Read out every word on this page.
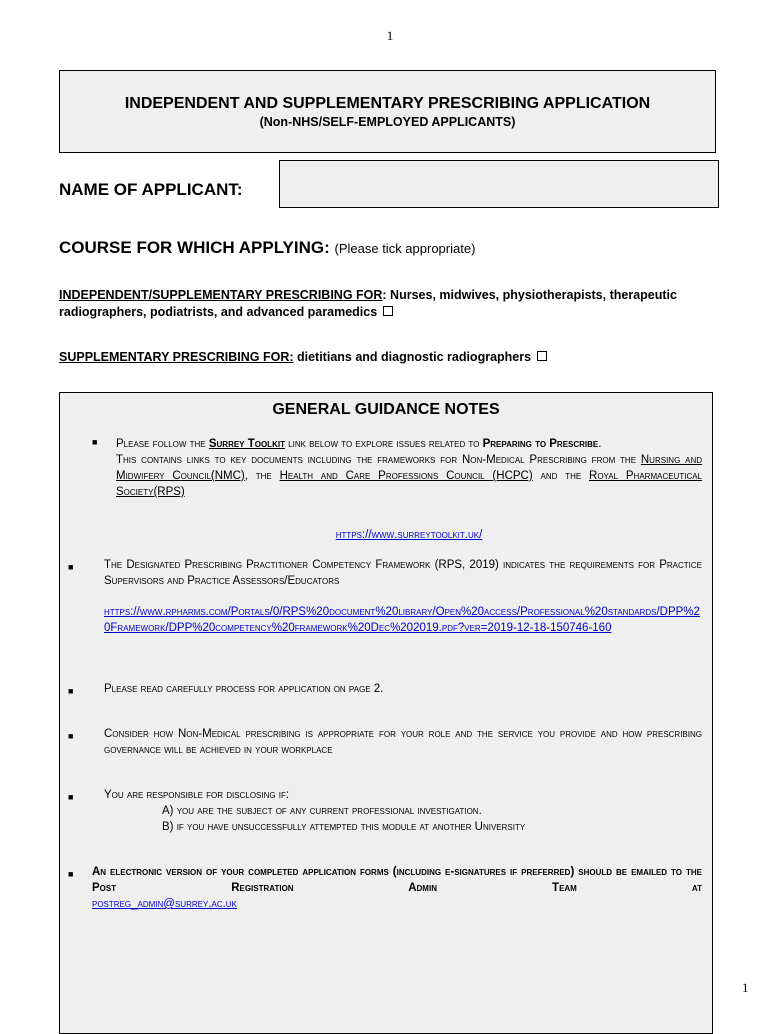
1
INDEPENDENT AND SUPPLEMENTARY PRESCRIBING APPLICATION
(Non-NHS/SELF-EMPLOYED APPLICANTS)
NAME OF APPLICANT:
COURSE FOR WHICH APPLYING: (Please tick appropriate)
INDEPENDENT/SUPPLEMENTARY PRESCRIBING FOR: Nurses, midwives, physiotherapists, therapeutic radiographers, podiatrists, and advanced paramedics
SUPPLEMENTARY PRESCRIBING FOR: dietitians and diagnostic radiographers
GENERAL GUIDANCE NOTES
■ Please follow the Surrey Toolkit link below to explore issues related to Preparing to Prescribe.
This contains links to key documents including the frameworks for Non-Medical Prescribing from the Nursing and Midwifery Council(NMC), the Health and Care Professions Council (HCPC) and the Royal Pharmaceutical Society(RPS)
https://www.surreytoolkit.uk/
■	The Designated Prescribing Practitioner Competency Framework (RPS, 2019) indicates the requirements for Practice Supervisors and Practice Assessors/Educators
https://www.rpharms.com/Portals/0/RPS%20document%20library/Open%20access/Professional%20standards/DPP%20Framework/DPP%20competency%20framework%20Dec%202019.pdf?ver=2019-12-18-150746-160
■	Please read carefully process for application on page 2.
■	Consider how Non-Medical prescribing is appropriate for your role and the service you provide and how prescribing governance will be achieved in your workplace
■	You are responsible for disclosing if:
A) you are the subject of any current professional investigation.
B) if you have unsuccessfully attempted this module at another University
■ An electronic version of your completed application forms (including e-signatures if preferred) should be emailed to the Post Registration Admin Team at
postreg_admin@surrey.ac.uk
1
